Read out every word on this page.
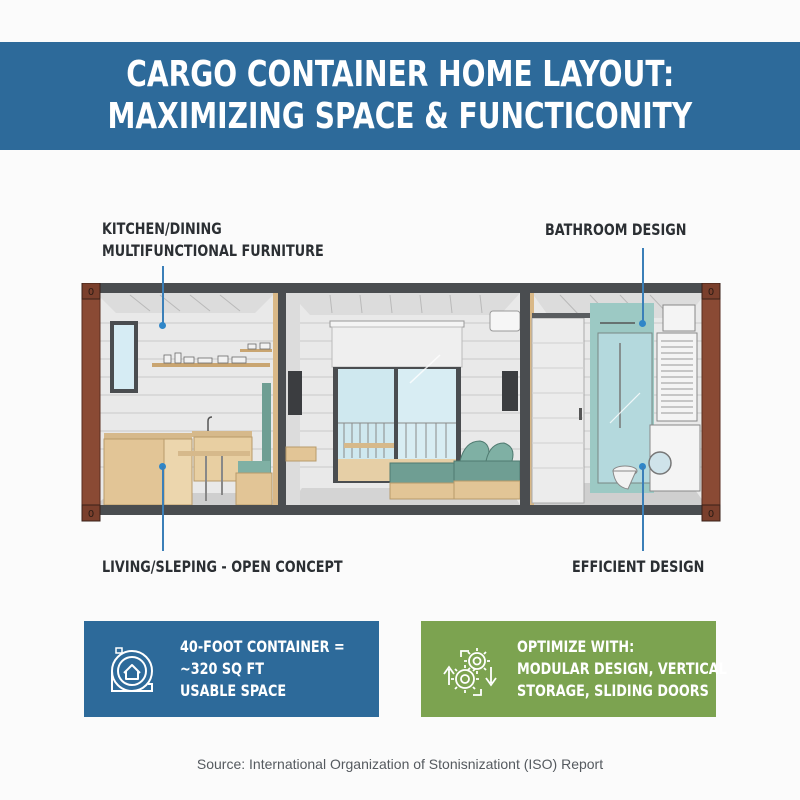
CARGO CONTAINER HOME LAYOUT:
MAXIMIZING SPACE & FUNCTICONITY
KITCHEN/DINING
MULTIFUNCTIONAL FURNITURE
BATHROOM DESIGN
LIVING/SLEPING - OPEN CONCEPT	EFFICIENT DESIGN
0
0
0
0
40-FOOT CONTAINER =
~320 SQ FT
USABLE SPACE
OPTIMIZE WITH:
MODULAR DESIGN, VERTICAL
STORAGE, SLIDING DOORS
Source: International Organization of Stonisnizationt (ISO) Report
